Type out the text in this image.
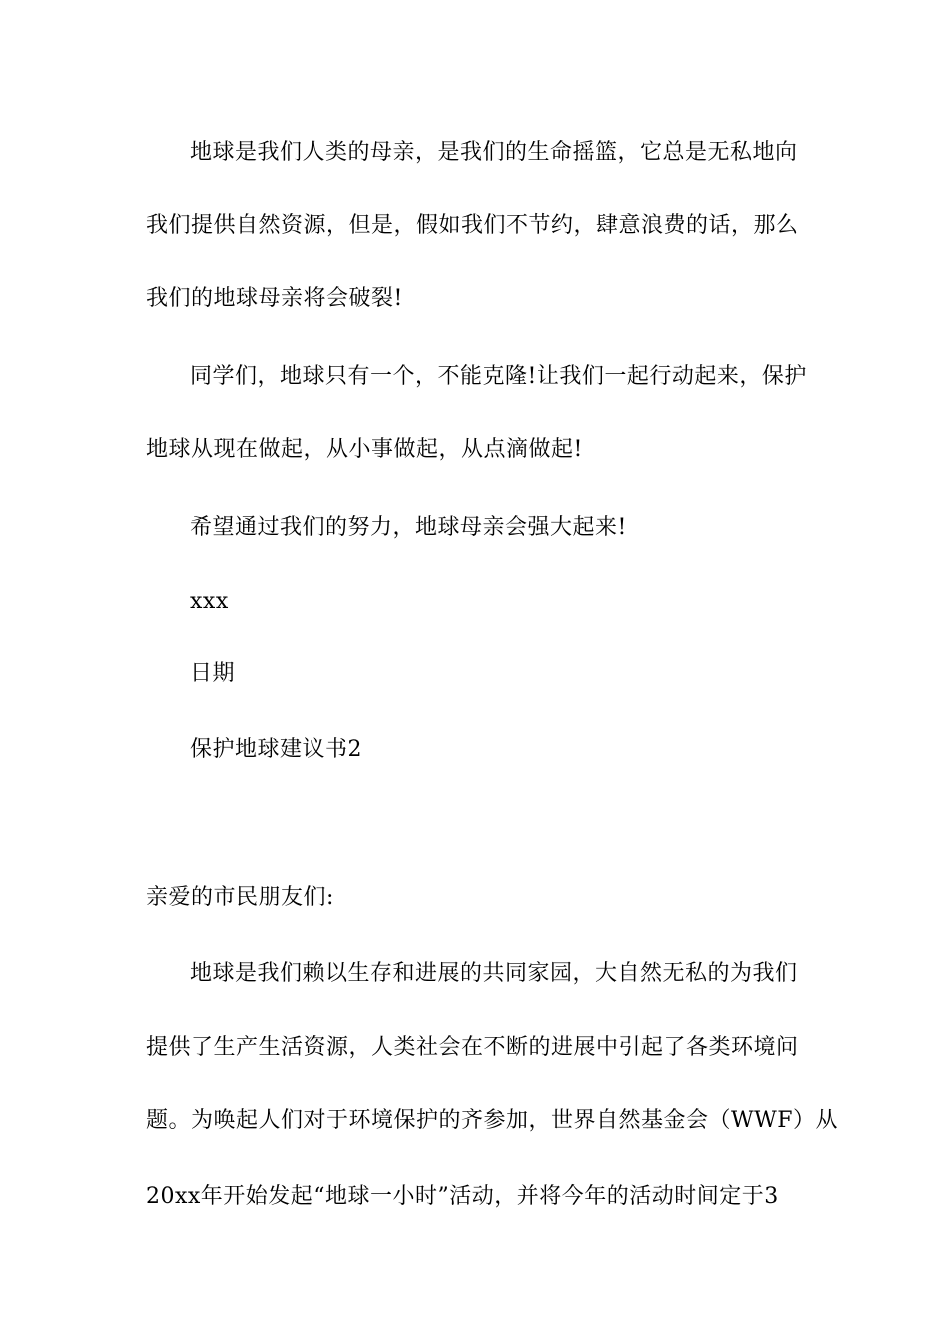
地球是我们人类的母亲，是我们的生命摇篮，它总是无私地向
我们提供自然资源，但是，假如我们不节约，肆意浪费的话，那么
我们的地球母亲将会破裂!
同学们，地球只有一个，不能克隆!让我们一起行动起来，保护
地球从现在做起，从小事做起，从点滴做起!
希望通过我们的努力，地球母亲会强大起来!
xxx
日期
保护地球建议书2
亲爱的市民朋友们:
地球是我们赖以生存和进展的共同家园，大自然无私的为我们
提供了生产生活资源，人类社会在不断的进展中引起了各类环境问
题。为唤起人们对于环境保护的齐参加，世界自然基金会（WWF）从
20xx年开始发起“地球一小时”活动，并将今年的活动时间定于3
